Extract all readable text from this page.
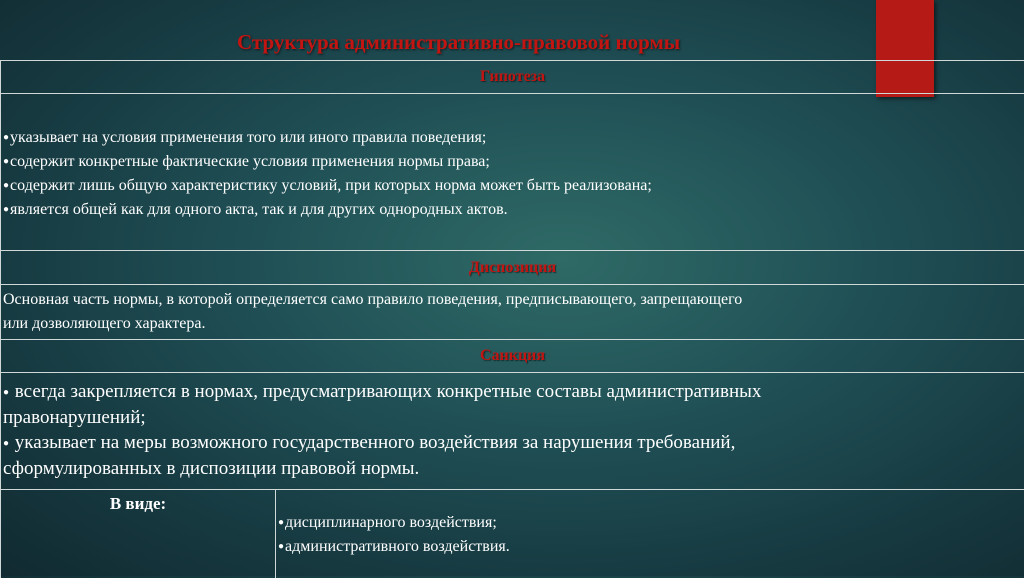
Структура административно-правовой нормы
Гипотеза
●указывает на условия применения того или иного правила поведения;
●содержит конкретные фактические условия применения нормы права;
●содержит лишь общую характеристику условий, при которых норма может быть реализована;
●является общей как для одного акта, так и для других однородных актов.
Диспозиция
Основная часть нормы, в которой определяется само правило поведения, предписывающего, запрещающего
или дозволяющего характера.
Санкция
● всегда закрепляется в нормах, предусматривающих конкретные составы административных
правонарушений;
● указывает на меры возможного государственного воздействия за нарушения требований,
сформулированных в диспозиции правовой нормы.
В виде:
●дисциплинарного воздействия;
●административного воздействия.
